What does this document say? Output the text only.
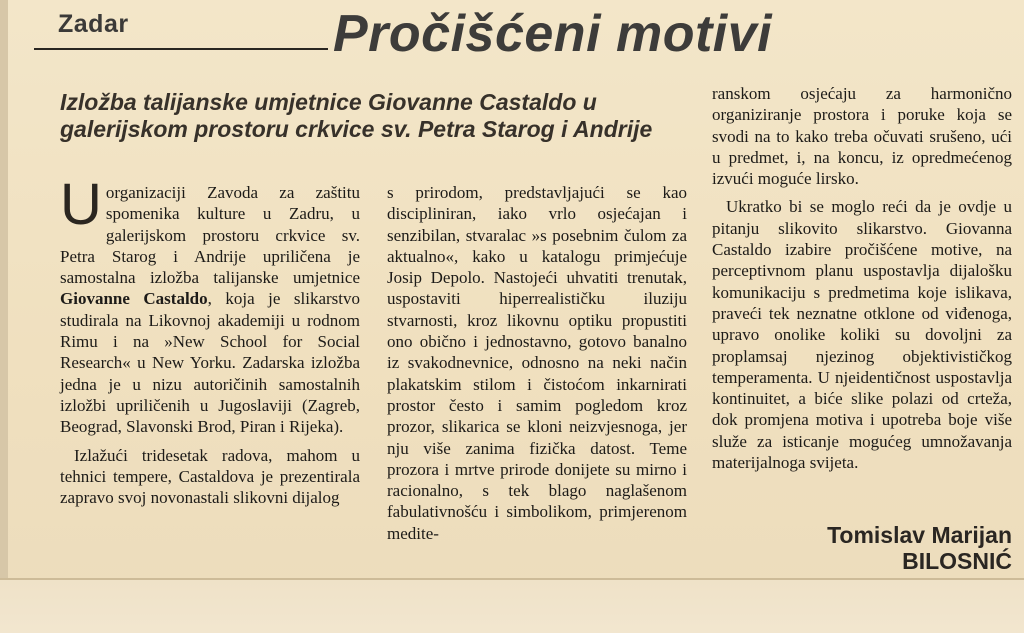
Zadar	Pročišćeni motivi
Izložba talijanske umjetnice Giovanne Castaldo u galerijskom prostoru crkvice sv. Petra Starog i Andrije

Uorganizaciji Zavoda za zaštitu spomenika kulture u Zadru, u galerijskom prostoru crkvice sv. Petra Starog i Andrije upriličena je samostalna izložba talijanske umjetnice Giovanne Castaldo, koja je slikarstvo studirala na Likovnoj akademiji u rodnom Rimu i na »New School for Social Research« u New Yorku. Zadarska izložba jedna je u nizu autoričinih samostalnih izložbi upriličenih u Jugoslaviji (Zagreb, Beograd, Slavonski Brod, Piran i Rijeka).

Izlažući tridesetak radova, mahom u tehnici tempere, Castaldova je prezentirala zapravo svoj novonastali slikovni dijalog

s prirodom, predstavljajući se kao discipliniran, iako vrlo osjećajan i senzibilan, stvaralac »s posebnim čulom za aktualno«, kako u katalogu primjećuje Josip Depolo. Nastojeći uhvatiti trenutak, uspostaviti hiperrealističku iluziju stvarnosti, kroz likovnu optiku propustiti ono obično i jednostavno, gotovo banalno iz svakodnevnice, odnosno na neki način plakatskim stilom i čistoćom inkarnirati prostor često i samim pogledom kroz prozor, slikarica se kloni neizvjesnoga, jer nju više zanima fizička datost. Teme prozora i mrtve prirode donijete su mirno i racionalno, s tek blago naglašenom fabulativnošću i simbolikom, primjerenom medite-

ranskom osjećaju za harmonično organiziranje prostora i poruke koja se svodi na to kako treba očuvati srušeno, ući u predmet, i, na koncu, iz opredmećenog izvući moguće lirsko.

Ukratko bi se moglo reći da je ovdje u pitanju slikovito slikarstvo. Giovanna Castaldo izabire pročišćene motive, na perceptivnom planu uspostavlja dijalošku komunikaciju s predmetima koje islikava, praveći tek neznatne otklone od viđenoga, upravo onolike koliki su dovoljni za proplamsaj njezinog objektivističkog temperamenta. U njeidentičnost uspostavlja kontinuitet, a biće slike polazi od crteža, dok promjena motiva i upotreba boje više služe za isticanje mogućeg umnožavanja materijalnoga svijeta.

Tomislav Marijan
BILOSNIĆ
